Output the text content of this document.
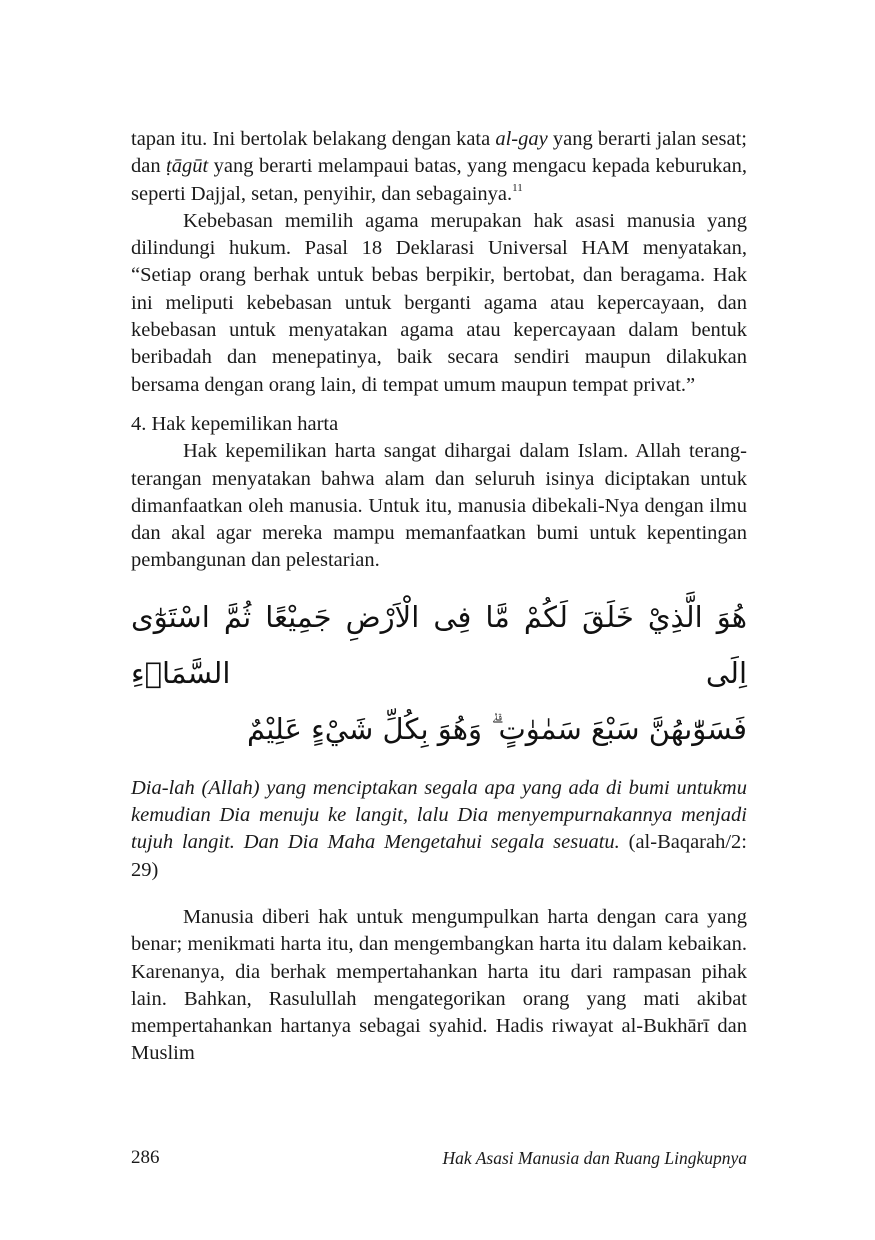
tapan itu. Ini bertolak belakang dengan kata al-gay yang berarti jalan sesat; dan ṭāgūt yang berarti melampaui batas, yang mengacu kepada keburukan, seperti Dajjal, setan, penyihir, dan sebagainya.$^{11}$

Kebebasan memilih agama merupakan hak asasi manusia yang dilindungi hukum. Pasal 18 Deklarasi Universal HAM menyatakan, “Setiap orang berhak untuk bebas berpikir, bertobat, dan beragama. Hak ini meliputi kebebasan untuk berganti agama atau kepercayaan, dan kebebasan untuk menyatakan agama atau kepercayaan dalam bentuk beribadah dan menepatinya, baik secara sendiri maupun dilakukan bersama dengan orang lain, di tempat umum maupun tempat privat.”

4. Hak kepemilikan harta

Hak kepemilikan harta sangat dihargai dalam Islam. Allah terang-terangan menyatakan bahwa alam dan seluruh isinya diciptakan untuk dimanfaatkan oleh manusia. Untuk itu, manusia dibekali-Nya dengan ilmu dan akal agar mereka mampu memanfaatkan bumi untuk kepentingan pembangunan dan pelestarian.

هُوَ الَّذِيْ خَلَقَ لَكُمْ مَّا فِى الْاَرْضِ جَمِيْعًا ثُمَّ اسْتَوٰٓى اِلَى السَّمَاۤءِ
فَسَوّٰىهُنَّ سَبْعَ سَمٰوٰتٍ ۗ وَهُوَ بِكُلِّ شَيْءٍ عَلِيْمٌ

Dia-lah (Allah) yang menciptakan segala apa yang ada di bumi untukmu kemudian Dia menuju ke langit, lalu Dia menyempurnakannya menjadi tujuh langit. Dan Dia Maha Mengetahui segala sesuatu. (al-Baqarah/2: 29)

Manusia diberi hak untuk mengumpulkan harta dengan cara yang benar; menikmati harta itu, dan mengembangkan harta itu dalam kebaikan. Karenanya, dia berhak mempertahankan harta itu dari rampasan pihak lain. Bahkan, Rasulullah mengategorikan orang yang mati akibat mempertahankan hartanya sebagai syahid. Hadis riwayat al-Bukhārī dan Muslim

286	Hak Asasi Manusia dan Ruang Lingkupnya
